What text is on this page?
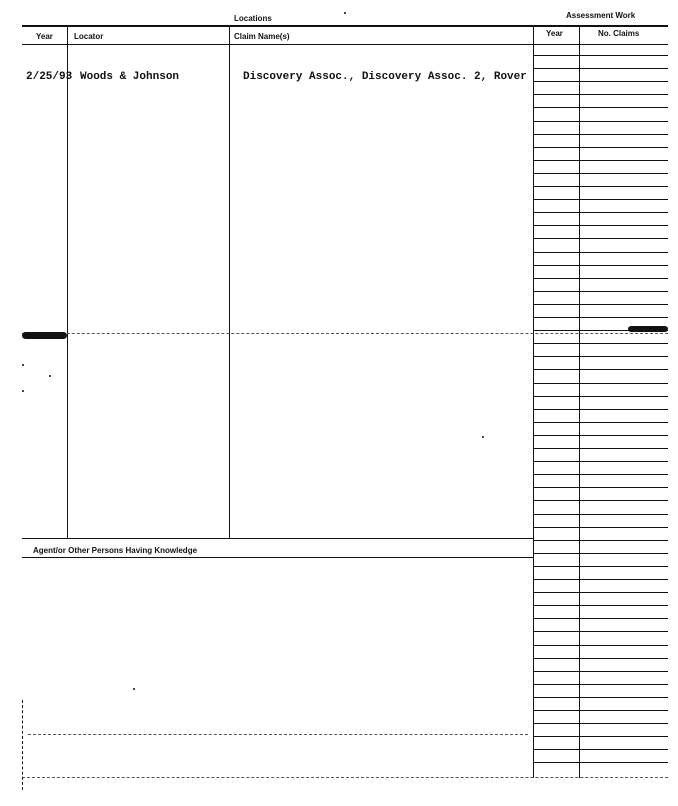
Locations	Assessment Work
Year	Locator	Claim Name(s)	Year	No. Claims
2/25/93 Woods & Johnson	Discovery Assoc., Discovery Assoc. 2, Rover
Agent/or Other Persons Having Knowledge
